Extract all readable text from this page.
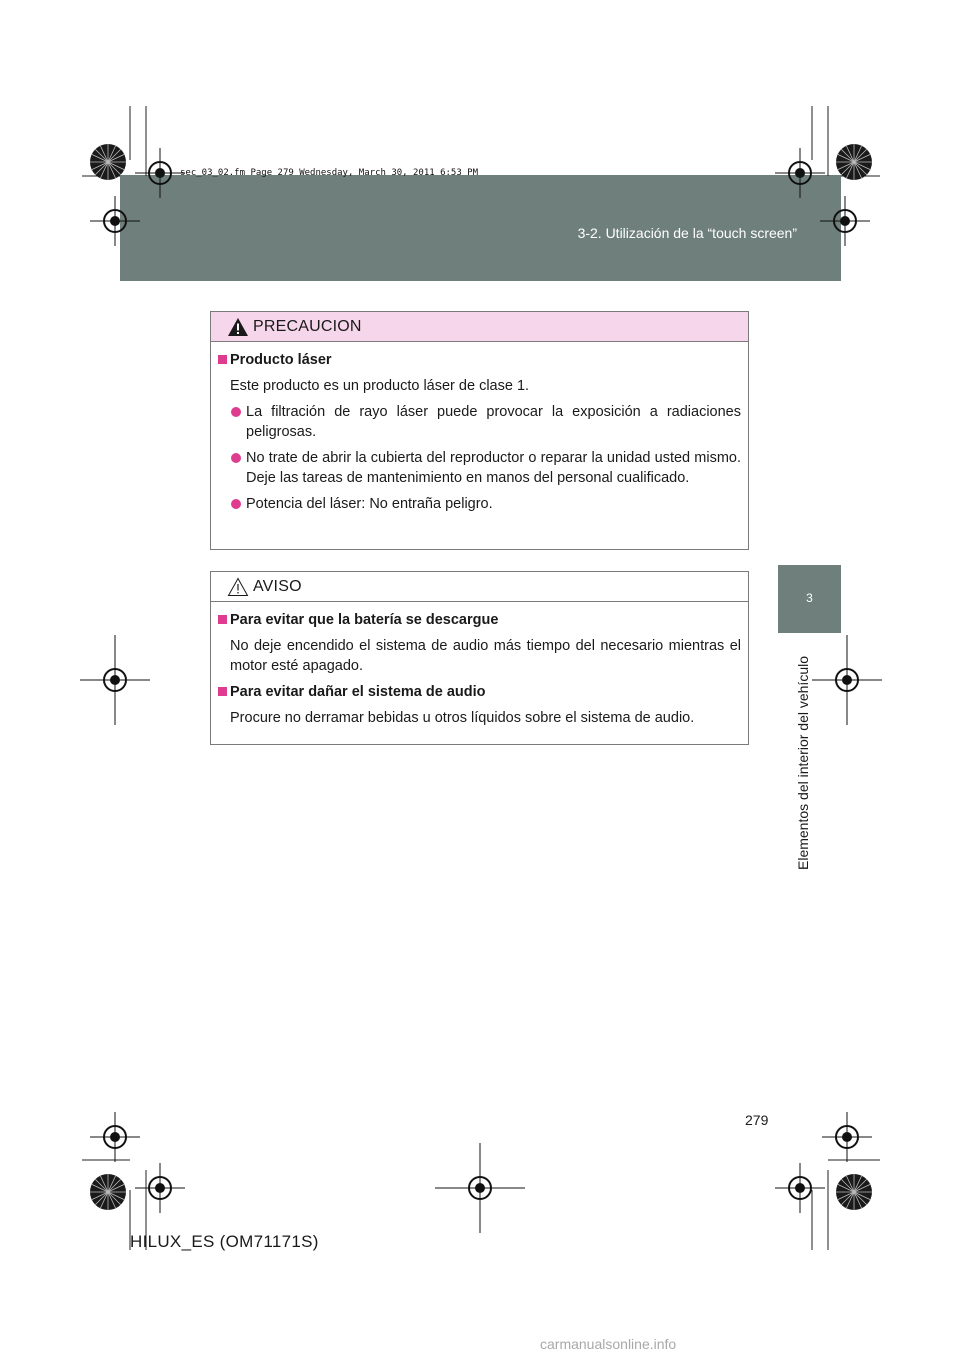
sec_03_02.fm Page 279 Wednesday, March 30, 2011 6:53 PM
3-2. Utilización de la “touch screen”
3
Elementos del interior del vehículo
PRECAUCION
Producto láser
Este producto es un producto láser de clase 1.
La filtración de rayo láser puede provocar la exposición a radiaciones peligrosas.
No trate de abrir la cubierta del reproductor o reparar la unidad usted mismo. Deje las tareas de mantenimiento en manos del personal cualificado.
Potencia del láser: No entraña peligro.
AVISO
Para evitar que la batería se descargue
No deje encendido el sistema de audio más tiempo del necesario mientras el motor esté apagado.
Para evitar dañar el sistema de audio
Procure no derramar bebidas u otros líquidos sobre el sistema de audio.
279
HILUX_ES (OM71171S)
carmanualsonline.info
